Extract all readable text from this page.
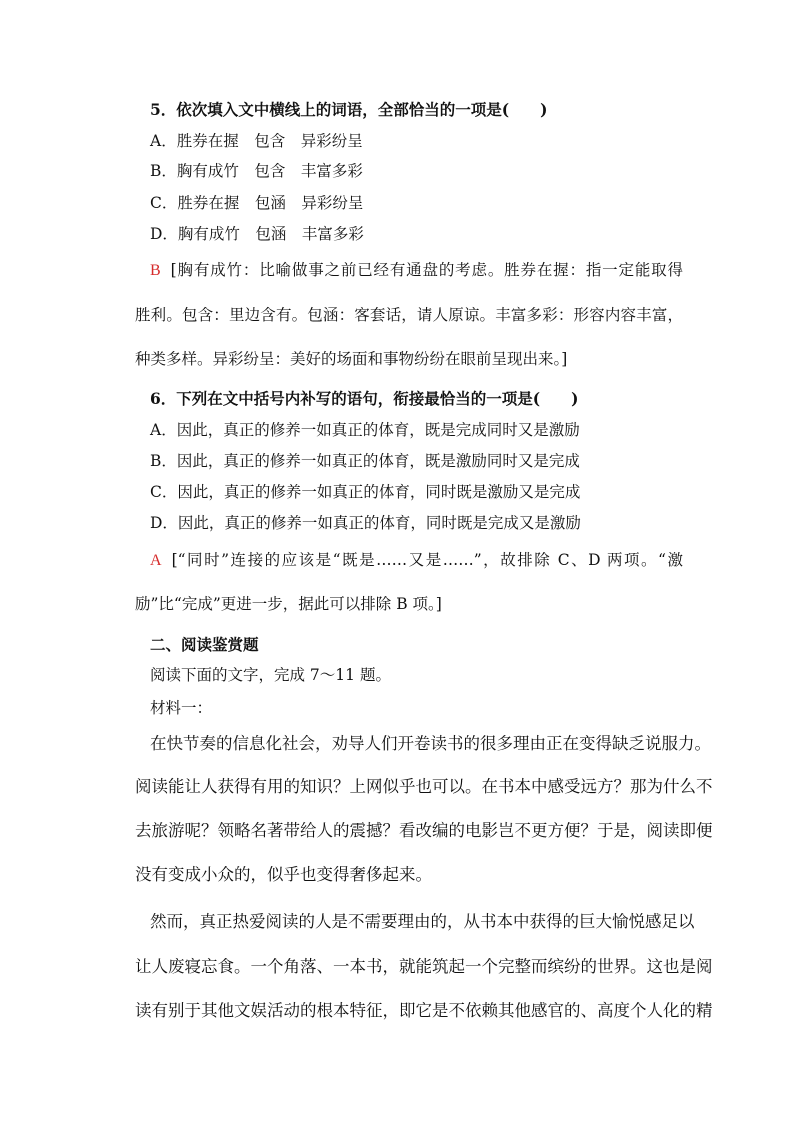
5．依次填入文中横线上的词语，全部恰当的一项是(　　)
A．胜券在握　包含　异彩纷呈
B．胸有成竹　包含　丰富多彩
C．胜券在握　包涵　异彩纷呈
D．胸有成竹　包涵　丰富多彩
B [胸有成竹：比喻做事之前已经有通盘的考虑。胜券在握：指一定能取得
胜利。包含：里边含有。包涵：客套话，请人原谅。丰富多彩：形容内容丰富，
种类多样。异彩纷呈：美好的场面和事物纷纷在眼前呈现出来。]
6．下列在文中括号内补写的语句，衔接最恰当的一项是(　　)
A．因此，真正的修养一如真正的体育，既是完成同时又是激励
B．因此，真正的修养一如真正的体育，既是激励同时又是完成
C．因此，真正的修养一如真正的体育，同时既是激励又是完成
D．因此，真正的修养一如真正的体育，同时既是完成又是激励
A [“同时”连接的应该是“既是……又是……”，故排除 C、D 两项。“激
励”比“完成”更进一步，据此可以排除 B 项。]
二、阅读鉴赏题
阅读下面的文字，完成 7～11 题。
材料一：
在快节奏的信息化社会，劝导人们开卷读书的很多理由正在变得缺乏说服力。
阅读能让人获得有用的知识？上网似乎也可以。在书本中感受远方？那为什么不
去旅游呢？领略名著带给人的震撼？看改编的电影岂不更方便？于是，阅读即便
没有变成小众的，似乎也变得奢侈起来。
然而，真正热爱阅读的人是不需要理由的，从书本中获得的巨大愉悦感足以
让人废寝忘食。一个角落、一本书，就能筑起一个完整而缤纷的世界。这也是阅
读有别于其他文娱活动的根本特征，即它是不依赖其他感官的、高度个人化的精
